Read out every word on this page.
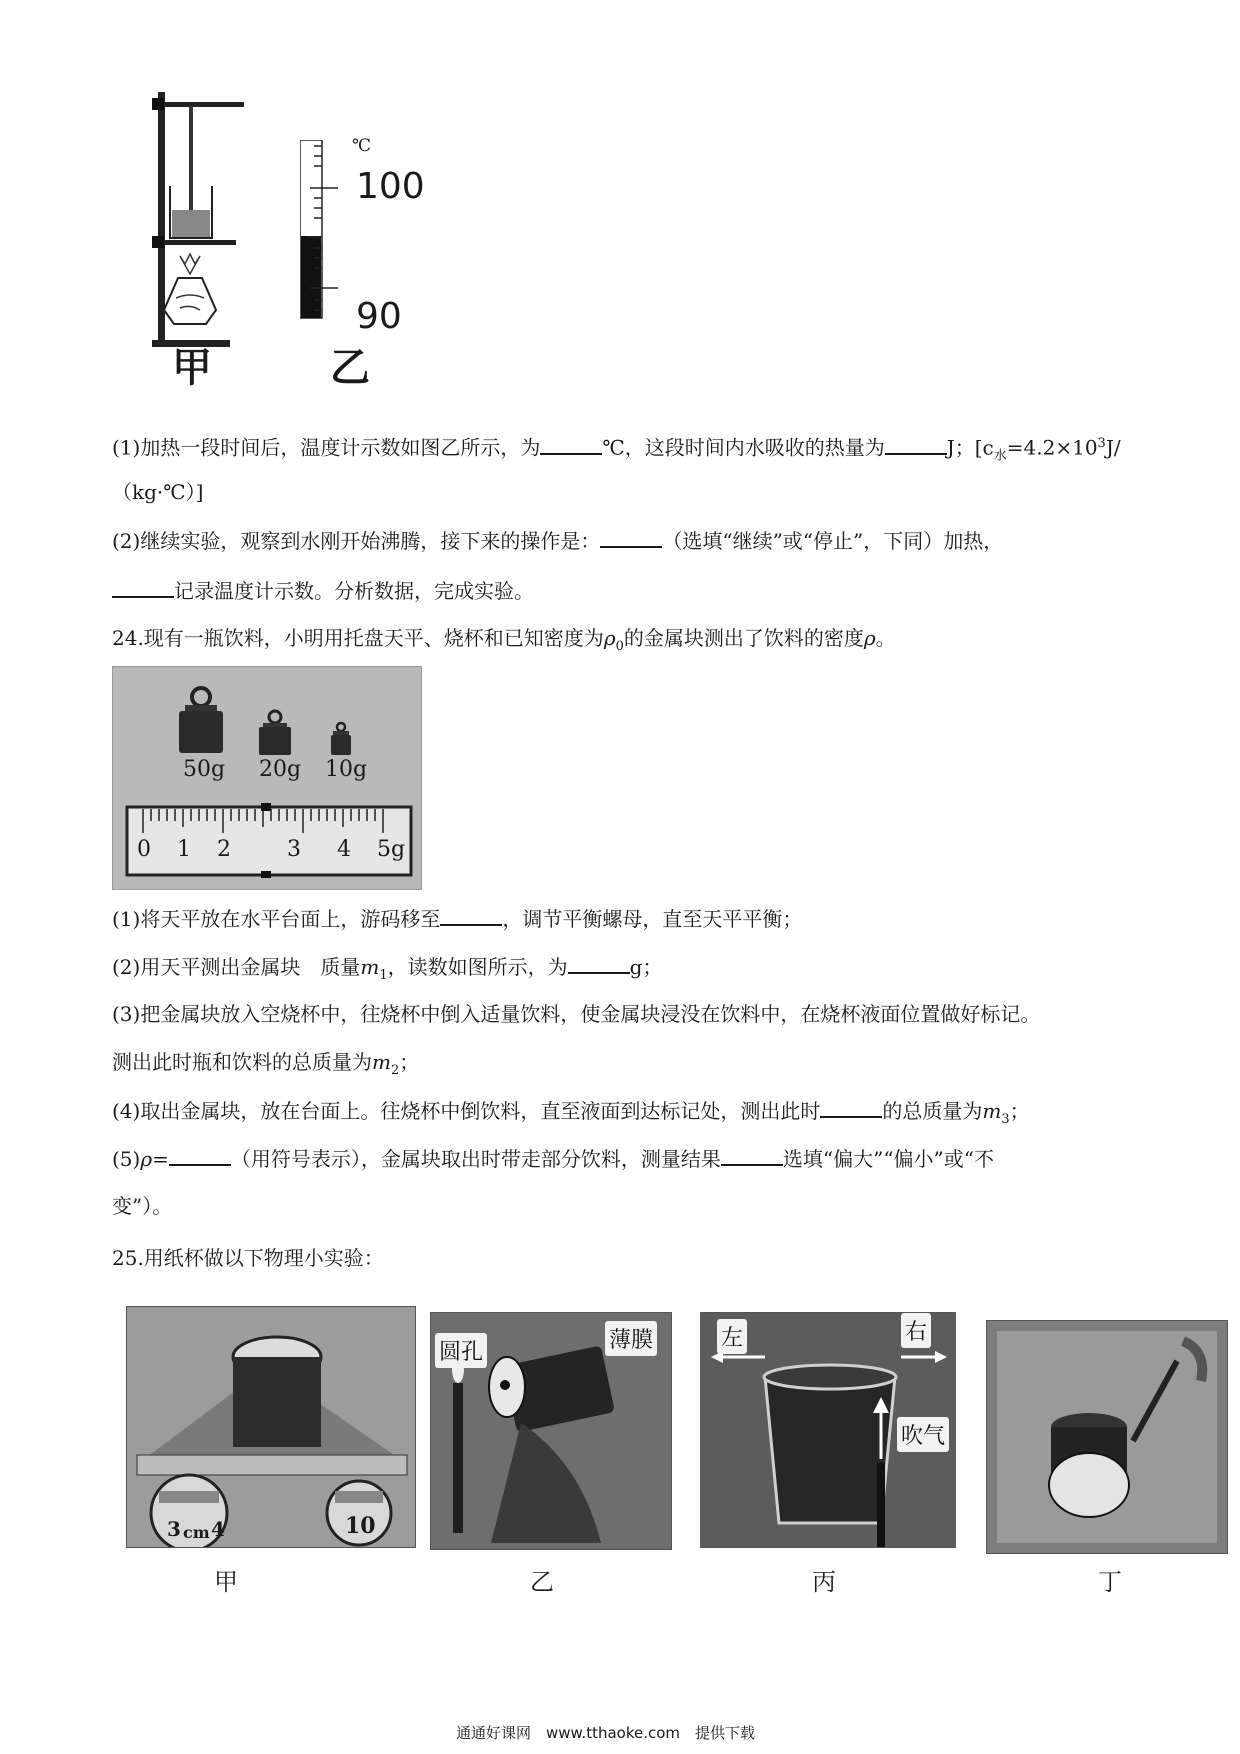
甲
℃
100
90
乙
(1)加热一段时间后，温度计示数如图乙所示，为	℃，这段时间内水吸收的热量为	J；[$c_水=4.2\times 10^3J/$
（kg·℃）]
(2)继续实验，观察到水刚开始沸腾，接下来的操作是：	（选填“继续”或“停止”，下同）加热，
记录温度计示数。分析数据，完成实验。
24.现有一瓶饮料，小明用托盘天平、烧杯和已知密度为$\rho_0$的金属块测出了饮料的密度ρ。
50g 20g 10g
0 1 2	3 4 5g
(1)将天平放在水平台面上，游码移至	，调节平衡螺母，直至天平平衡；
(2)用天平测出金属块　质量$m_1$，读数如图所示，为	g；
(3)把金属块放入空烧杯中，往烧杯中倒入适量饮料，使金属块浸没在饮料中，在烧杯液面位置做好标记。
测出此时瓶和饮料的总质量为$m_2$；
(4)取出金属块，放在台面上。往烧杯中倒饮料，直至液面到达标记处，测出此时	的总质量为$m_3$；
(5)ρ=	（用符号表示），金属块取出时带走部分饮料，测量结果	选填“偏大”“偏小”或“不
变”）。
25.用纸杯做以下物理小实验：
3 cm 4	10
甲
圆孔	薄膜
乙
左	右
吹气
丙	丁
通通好课网　www.tthaoke.com　提供下载
